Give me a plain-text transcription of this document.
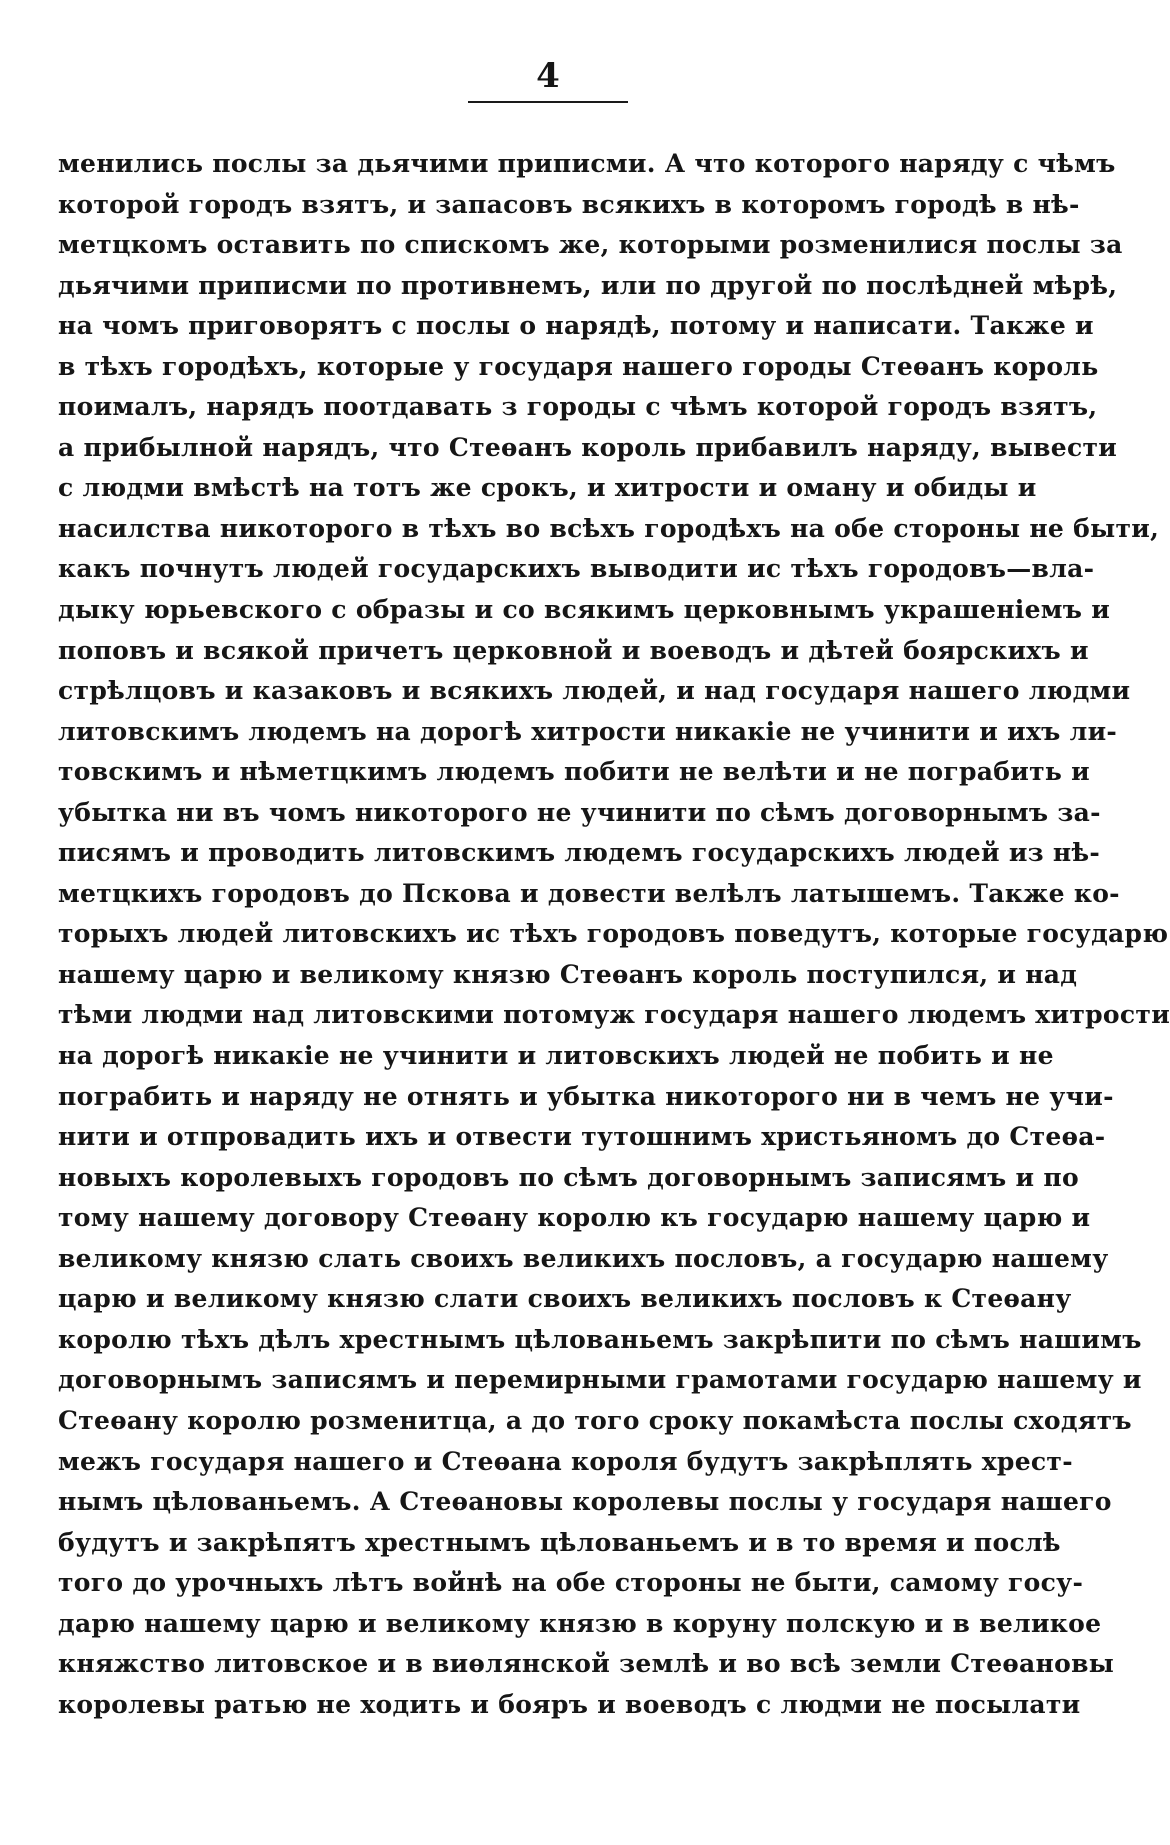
4
менились послы за дьячими приписми. А что которого наряду с чѣмъ
которой городъ взятъ, и запасовъ всякихъ в которомъ городѣ в нѣ-
метцкомъ оставить по спискомъ же, которыми розменилися послы за
дьячими приписми по противнемъ, или по другой по послѣдней мѣрѣ,
на чомъ приговорятъ с послы о нарядѣ, потому и написати. Также и
в тѣхъ городѣхъ, которые у государя нашего городы Стеѳанъ король
поималъ, нарядъ поотдавать з городы с чѣмъ которой городъ взятъ,
а прибылной нарядъ, что Стеѳанъ король прибавилъ наряду, вывести
с людми вмѣстѣ на тотъ же срокъ, и хитрости и оману и обиды и
насилства никоторого в тѣхъ во всѣхъ городѣхъ на обе стороны не быти,
какъ почнутъ людей государскихъ выводити ис тѣхъ городовъ—вла-
дыку юрьевского с образы и со всякимъ церковнымъ украшенiемъ и
поповъ и всякой причетъ церковной и воеводъ и дѣтей боярскихъ и
стрѣлцовъ и казаковъ и всякихъ людей, и над государя нашего людми
литовскимъ людемъ на дорогѣ хитрости никакiе не учинити и ихъ ли-
товскимъ и нѣметцкимъ людемъ побити не велѣти и не пограбить и
убытка ни въ чомъ никоторого не учинити по сѣмъ договорнымъ за-
писямъ и проводить литовскимъ людемъ государскихъ людей из нѣ-
метцкихъ городовъ до Пскова и довести велѣлъ латышемъ. Также ко-
торыхъ людей литовскихъ ис тѣхъ городовъ поведутъ, которые государю
нашему царю и великому князю Стеѳанъ король поступился, и над
тѣми людми над литовскими потомуж государя нашего людемъ хитрости
на дорогѣ никакiе не учинити и литовскихъ людей не побить и не
пограбить и наряду не отнять и убытка никоторого ни в чемъ не учи-
нити и отпровадить ихъ и отвести тутошнимъ христьяномъ до Стеѳа-
новыхъ королевыхъ городовъ по сѣмъ договорнымъ записямъ и по
тому нашему договору Стеѳану королю къ государю нашему царю и
великому князю слать своихъ великихъ пословъ, а государю нашему
царю и великому князю слати своихъ великихъ пословъ к Стеѳану
королю тѣхъ дѣлъ хрестнымъ цѣлованьемъ закрѣпити по сѣмъ нашимъ
договорнымъ записямъ и перемирными грамотами государю нашему и
Стеѳану королю розменитца, а до того сроку покамѣста послы сходятъ
межъ государя нашего и Стеѳана короля будутъ закрѣплять хрест-
нымъ цѣлованьемъ. А Стеѳановы королевы послы у государя нашего
будутъ и закрѣпятъ хрестнымъ цѣлованьемъ и в то время и послѣ
того до урочныхъ лѣтъ войнѣ на обе стороны не быти, самому госу-
дарю нашему царю и великому князю в коруну полскую и в великое
княжство литовское и в виѳлянской землѣ и во всѣ земли Стеѳановы
королевы ратью не ходить и бояръ и воеводъ с людми не посылати
